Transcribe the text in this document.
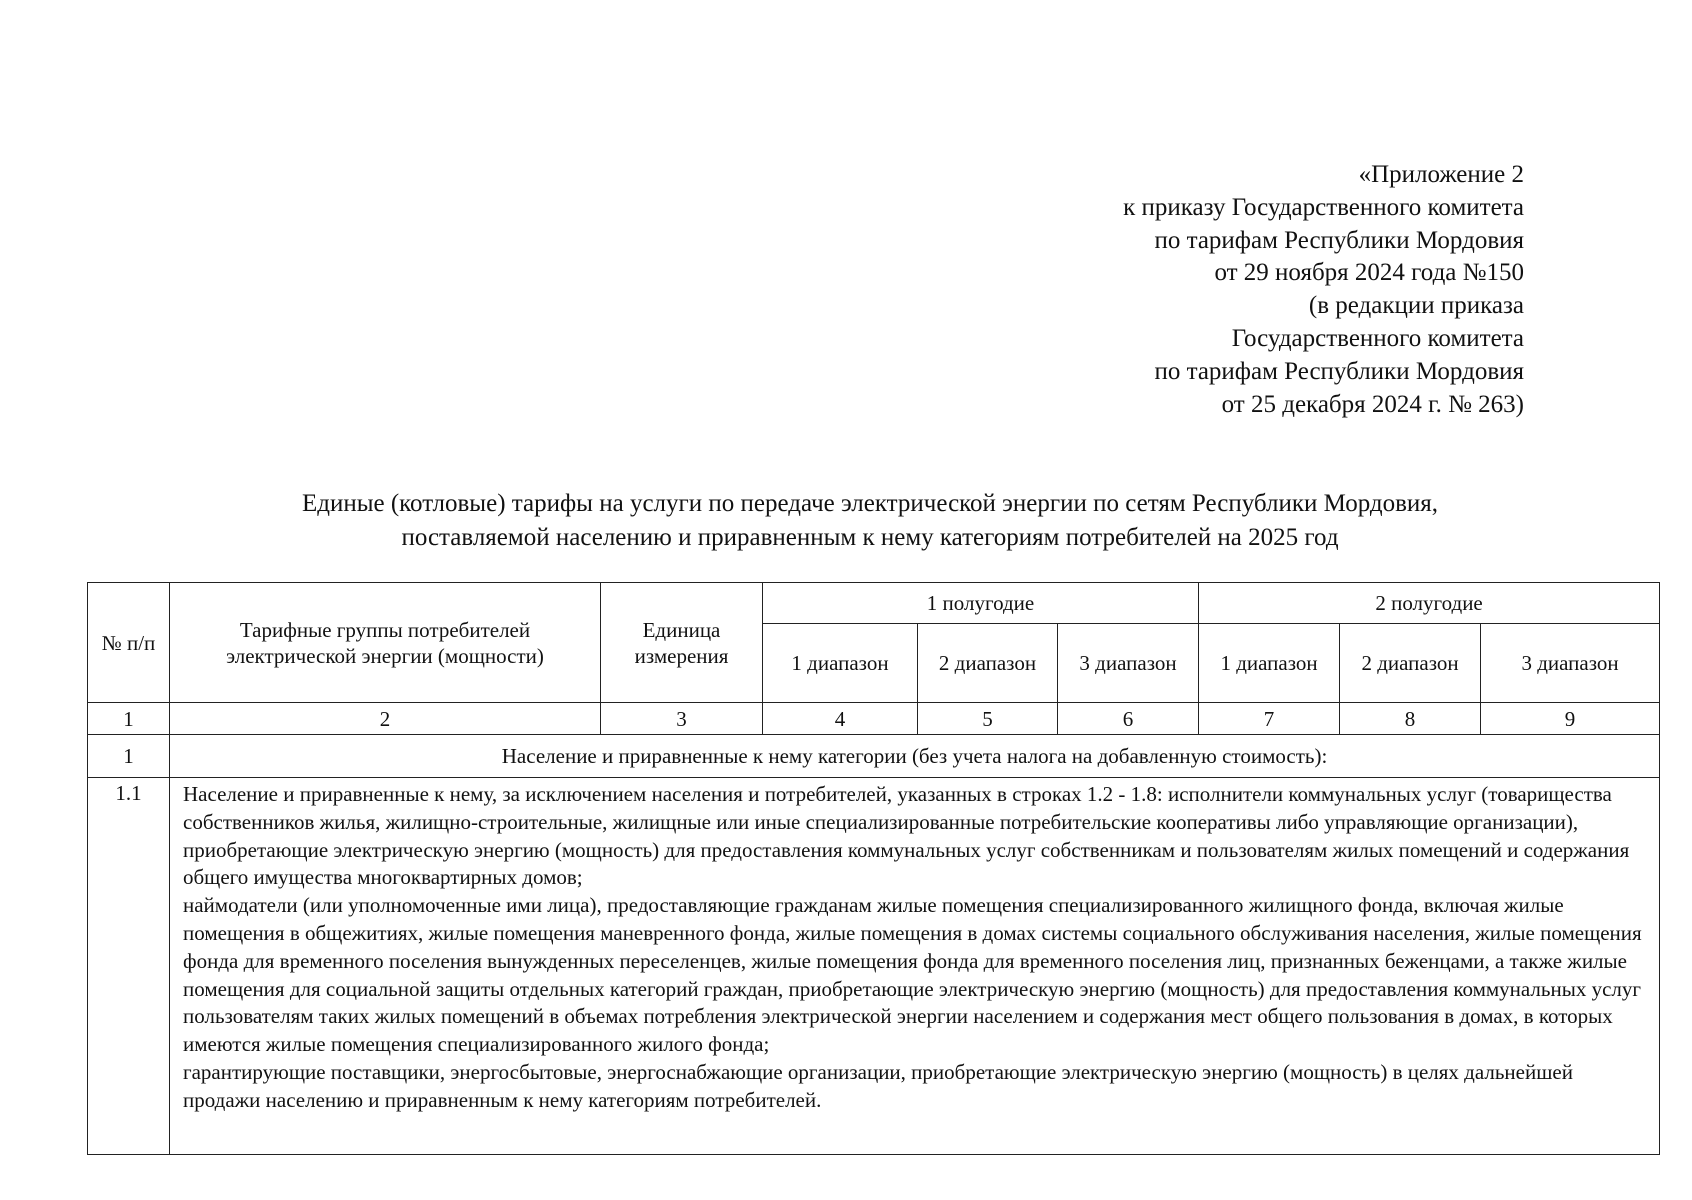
«Приложение 2
к приказу Государственного комитета
по тарифам Республики Мордовия
от 29 ноября 2024 года №150
(в редакции приказа
Государственного комитета
по тарифам Республики Мордовия
от 25 декабря 2024 г. № 263)
Единые (котловые) тарифы на услуги по передаче электрической энергии по сетям Республики Мордовия,
поставляемой населению и приравненным к нему категориям потребителей на 2025 год
№ п/п	Тарифные группы потребителей электрической энергии (мощности)	Единица измерения	1 полугодие			2 полугодие		
			1 диапазон	2 диапазон	3 диапазон	1 диапазон	2 диапазон	3 диапазон
1	2	3	4	5	6	7	8	9
1	Население и приравненные к нему категории (без учета налога на добавленную стоимость):							
1.1	Население и приравненные к нему, за исключением населения и потребителей, указанных в строках 1.2 - 1.8: исполнители коммунальных услуг (товарищества собственников жилья, жилищно-строительные, жилищные или иные специализированные потребительские кооперативы либо управляющие организации), приобретающие электрическую энергию (мощность) для предоставления коммунальных услуг собственникам и пользователям жилых помещений и содержания общего имущества многоквартирных домов;

наймодатели (или уполномоченные ими лица), предоставляющие гражданам жилые помещения специализированного жилищного фонда, включая жилые помещения в общежитиях, жилые помещения маневренного фонда, жилые помещения в домах системы социального обслуживания населения, жилые помещения фонда для временного поселения вынужденных переселенцев, жилые помещения фонда для временного поселения лиц, признанных беженцами, а также жилые помещения для социальной защиты отдельных категорий граждан, приобретающие электрическую энергию (мощность) для предоставления коммунальных услуг пользователям таких жилых помещений в объемах потребления электрической энергии населением и содержания мест общего пользования в домах, в которых имеются жилые помещения специализированного жилого фонда;

гарантирующие поставщики, энергосбытовые, энергоснабжающие организации, приобретающие электрическую энергию (мощность) в целях дальнейшей продажи населению и приравненным к нему категориям потребителей.							
